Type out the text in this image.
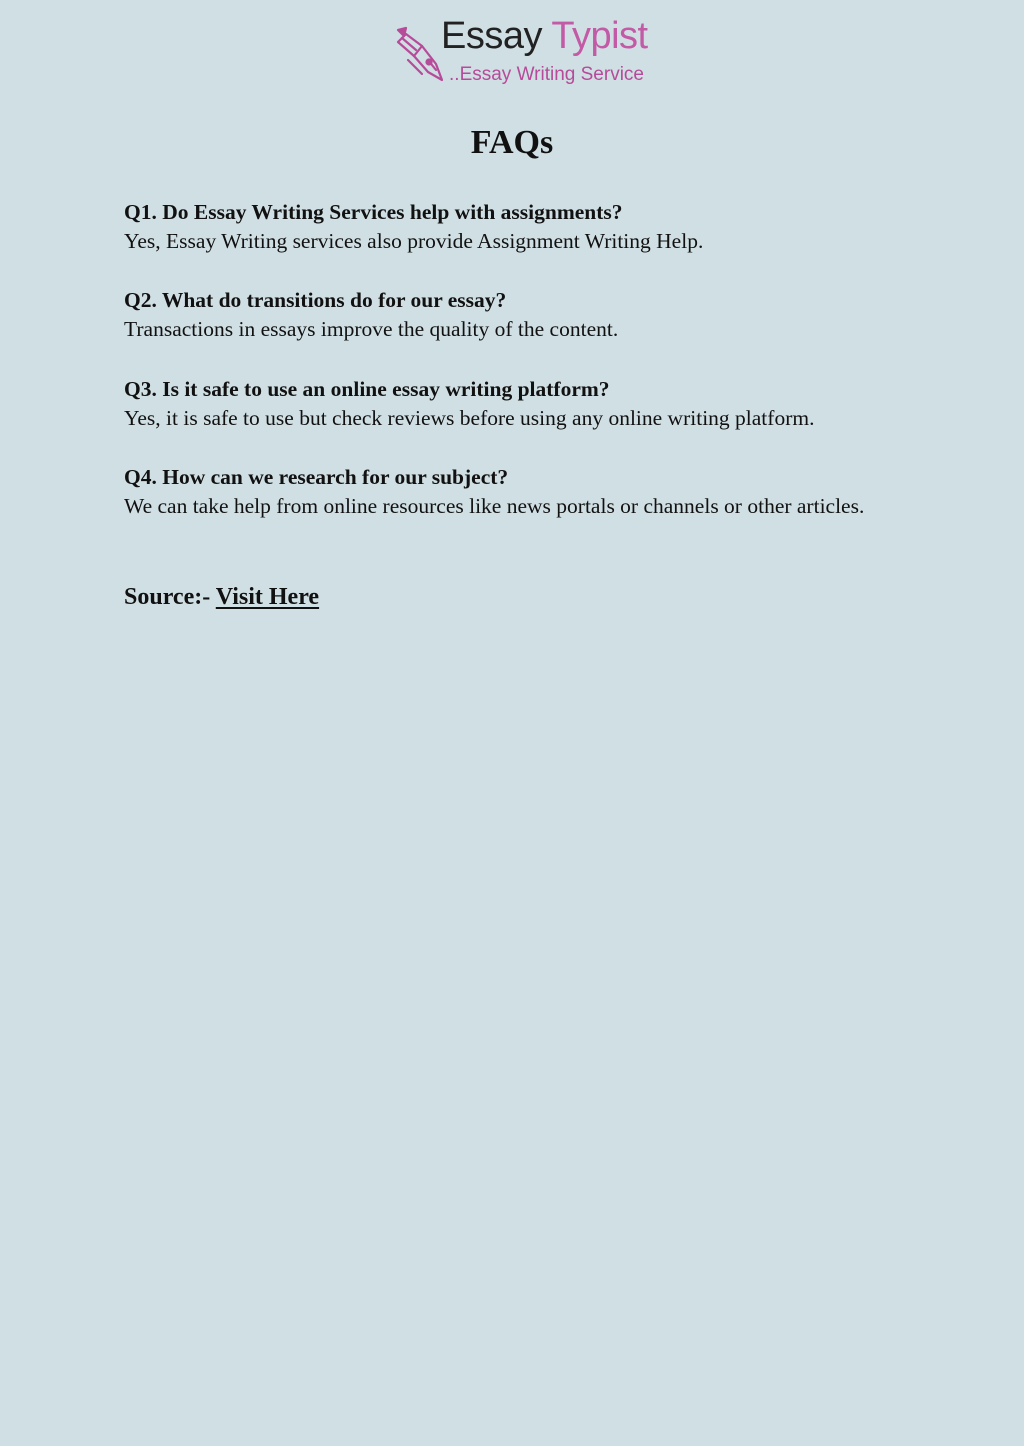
Essay Typist
..Essay Writing Service
FAQs
Q1. Do Essay Writing Services help with assignments?
Yes, Essay Writing services also provide Assignment Writing Help.
Q2. What do transitions do for our essay?
Transactions in essays improve the quality of the content.
Q3. Is it safe to use an online essay writing platform?
Yes, it is safe to use but check reviews before using any online writing platform.
Q4. How can we research for our subject?
We can take help from online resources like news portals or channels or other articles.
Source:- Visit Here
